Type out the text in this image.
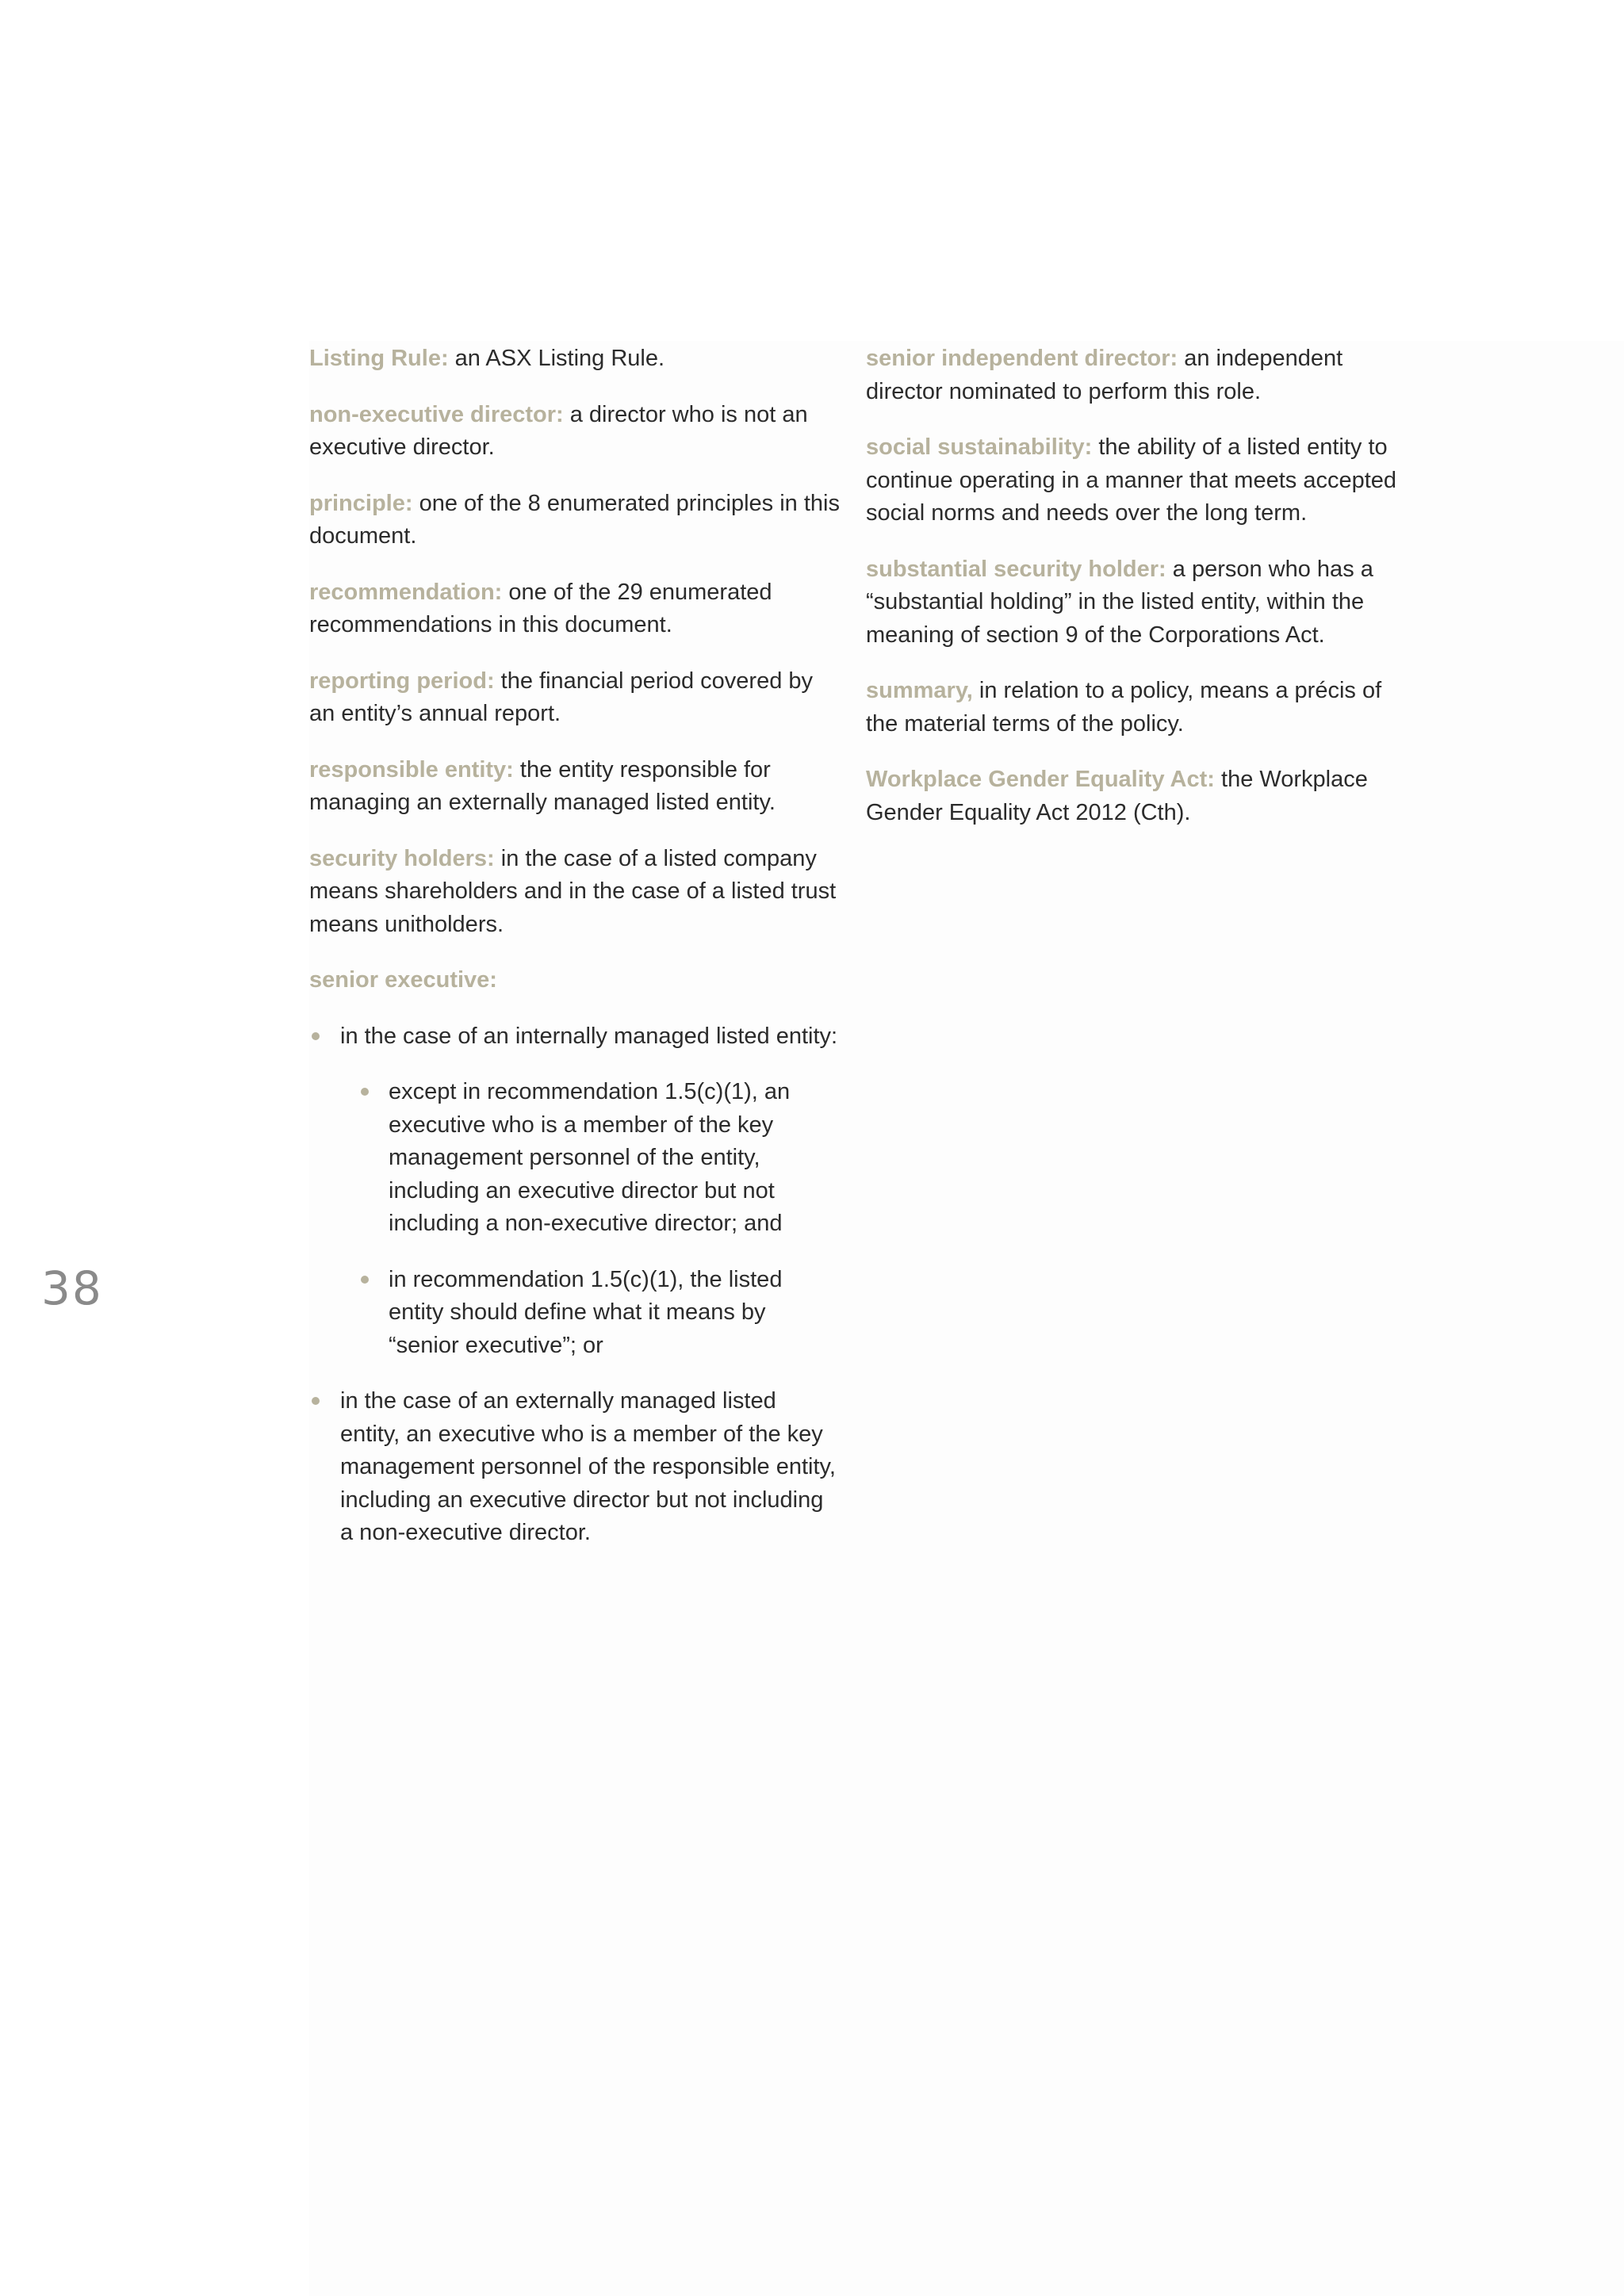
38

Listing Rule: an ASX Listing Rule.

non-executive director: a director who is not an executive director.

principle: one of the 8 enumerated principles in this document.

recommendation: one of the 29 enumerated recommendations in this document.

reporting period: the financial period covered by an entity’s annual report.

responsible entity: the entity responsible for managing an externally managed listed entity.

security holders: in the case of a listed company means shareholders and in the case of a listed trust means unitholders.

senior executive:

in the case of an internally managed listed entity:
except in recommendation 1.5(c)(1), an executive who is a member of the key management personnel of the entity, including an executive director but not including a non-executive director; and
in recommendation 1.5(c)(1), the listed entity should define what it means by “senior executive”; or
in the case of an externally managed listed entity, an executive who is a member of the key management personnel of the responsible entity, including an executive director but not including a non-executive director.

senior independent director: an independent director nominated to perform this role.

social sustainability: the ability of a listed entity to continue operating in a manner that meets accepted social norms and needs over the long term.

substantial security holder: a person who has a “substantial holding” in the listed entity, within the meaning of section 9 of the Corporations Act.

summary, in relation to a policy, means a précis of the material terms of the policy.

Workplace Gender Equality Act: the Workplace Gender Equality Act 2012 (Cth).
